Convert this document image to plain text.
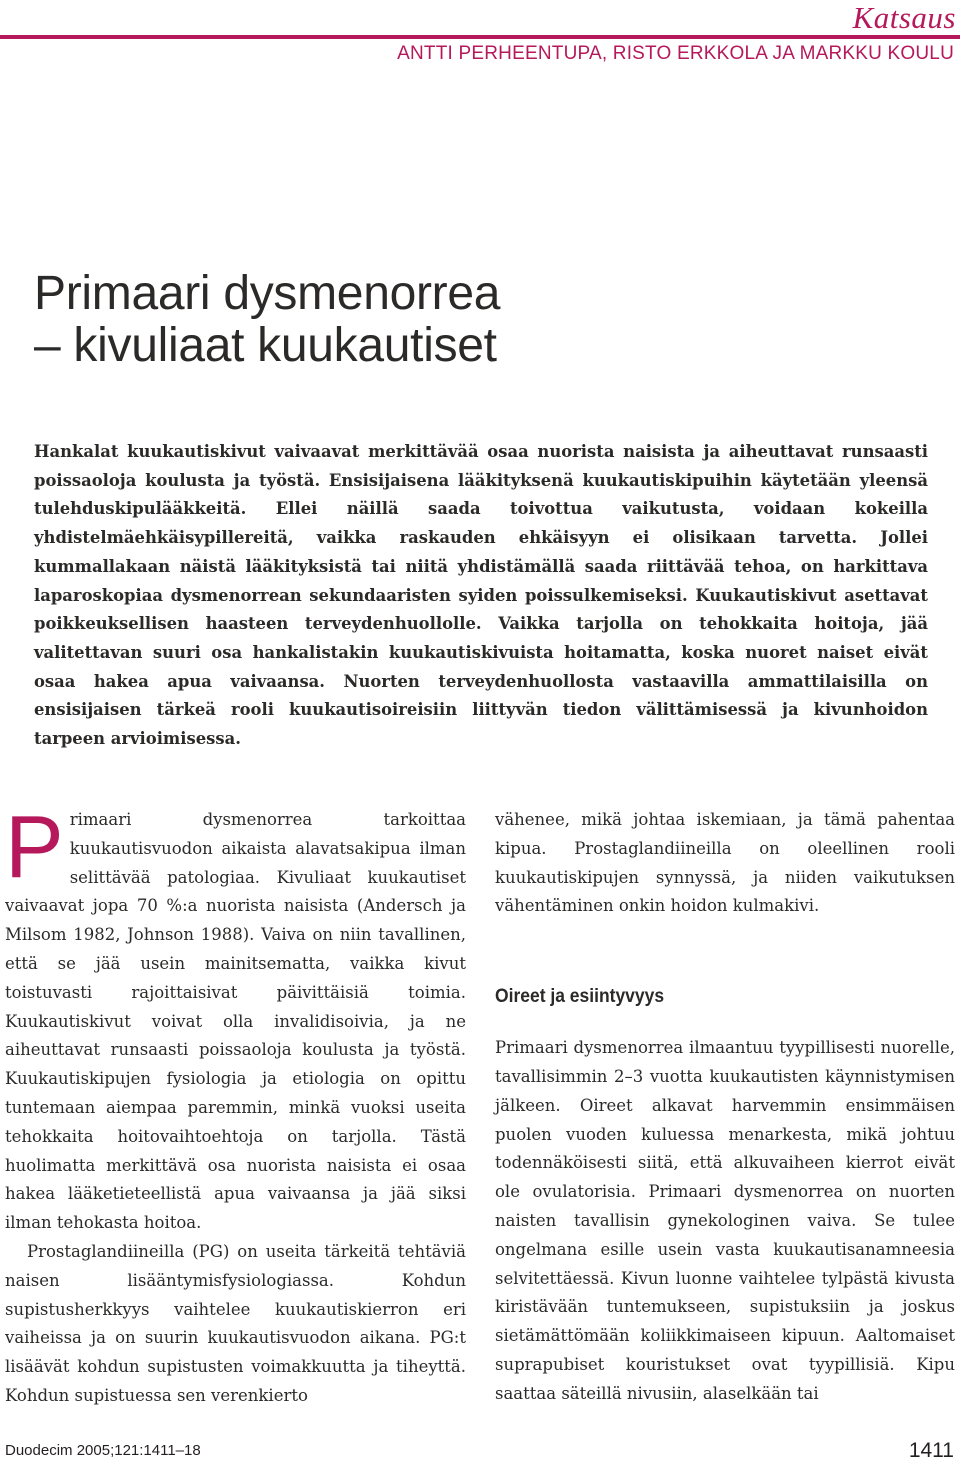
Katsaus
ANTTI PERHEENTUPA, RISTO ERKKOLA JA MARKKU KOULU
Primaari dysmenorrea
– kivuliaat kuukautiset

Hankalat kuukautiskivut vaivaavat merkittävää osaa nuorista naisista ja aiheuttavat runsaasti poissaoloja koulusta ja työstä. Ensisijaisena lääkityksenä kuukautiskipuihin käytetään yleensä tulehduskipulääkkeitä. Ellei näillä saada toivottua vaikutusta, voidaan kokeilla yhdistelmäehkäisypillereitä, vaikka raskauden ehkäisyyn ei olisikaan tarvetta. Jollei kummallakaan näistä lääkityksistä tai niitä yhdistämällä saada riittävää tehoa, on harkittava laparoskopiaa dysmenorrean sekundaaristen syiden poissulkemiseksi. Kuukautiskivut asettavat poikkeuksellisen haasteen terveydenhuollolle. Vaikka tarjolla on tehokkaita hoitoja, jää valitettavan suuri osa hankalistakin kuukautiskivuista hoitamatta, koska nuoret naiset eivät osaa hakea apua vaivaansa. Nuorten terveydenhuollosta vastaavilla ammattilaisilla on ensisijaisen tärkeä rooli kuukautisoireisiin liittyvän tiedon välittämisessä ja kivunhoidon tarpeen arvioimisessa.

Primaari dysmenorrea tarkoittaa kuukautisvuodon aikaista alavatsakipua ilman selittävää patologiaa. Kivuliaat kuukautiset vaivaavat jopa 70 %:a nuorista naisista (Andersch ja Milsom 1982, Johnson 1988). Vaiva on niin tavallinen, että se jää usein mainitsematta, vaikka kivut toistuvasti rajoittaisivat päivittäisiä toimia. Kuukautiskivut voivat olla invalidisoivia, ja ne aiheuttavat runsaasti poissaoloja koulusta ja työstä. Kuukautiskipujen fysiologia ja etiologia on opittu tuntemaan aiempaa paremmin, minkä vuoksi useita tehokkaita hoitovaihtoehtoja on tarjolla. Tästä huolimatta merkittävä osa nuorista naisista ei osaa hakea lääketieteellistä apua vaivaansa ja jää siksi ilman tehokasta hoitoa.

Prostaglandiineilla (PG) on useita tärkeitä tehtäviä naisen lisääntymisfysiologiassa. Kohdun supistusherkkyys vaihtelee kuukautiskierron eri vaiheissa ja on suurin kuukautisvuodon aikana. PG:t lisäävät kohdun supistusten voimakkuutta ja tiheyttä. Kohdun supistuessa sen verenkierto

vähenee, mikä johtaa iskemiaan, ja tämä pahentaa kipua. Prostaglandiineilla on oleellinen rooli kuukautiskipujen synnyssä, ja niiden vaikutuksen vähentäminen onkin hoidon kulmakivi.

Oireet ja esiintyvyys

Primaari dysmenorrea ilmaantuu tyypillisesti nuorelle, tavallisimmin 2–3 vuotta kuukautisten käynnistymisen jälkeen. Oireet alkavat harvemmin ensimmäisen puolen vuoden kuluessa menarkesta, mikä johtuu todennäköisesti siitä, että alkuvaiheen kierrot eivät ole ovulatorisia. Primaari dysmenorrea on nuorten naisten tavallisin gynekologinen vaiva. Se tulee ongelmana esille usein vasta kuukautisanamneesia selvitettäessä. Kivun luonne vaihtelee tylpästä kivusta kiristävään tuntemukseen, supistuksiin ja joskus sietämättömään koliikkimaiseen kipuun. Aaltomaiset suprapubiset kouristukset ovat tyypillisiä. Kipu saattaa säteillä nivusiin, alaselkään tai

Duodecim 2005;121:1411–18	1411
